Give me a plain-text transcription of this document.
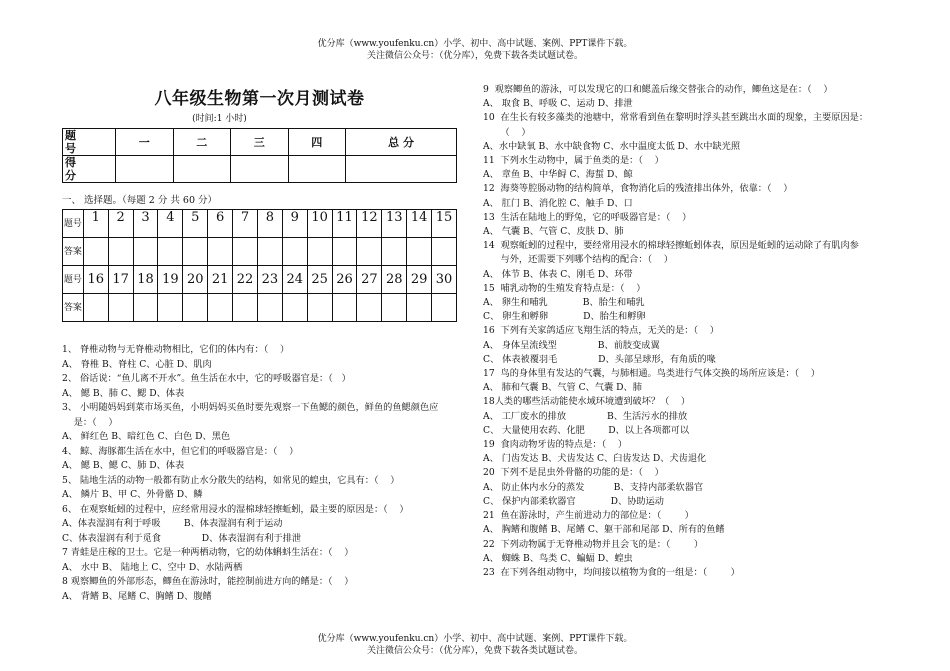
优分库（www.youfenku.cn）小学、初中、高中试题、案例、PPT课件下载。
关注微信公众号：（优分库），免费下载各类试题试卷。
八年级生物第一次月测试卷
(时间:1 小时)
题 号	一	二	三	四	总 分
得 分					
一、 选择题。（每题 2 分 共 60 分）
题号	1	2	3	4	5	6	7	8	9	10	11	12	13	14	15
答案															
题号	16	17	18	19	20	21	22	23	24	25	26	27	28	29	30
答案															
1、 脊椎动物与无脊椎动物相比，它们的体内有：（    ）
A、 脊椎 B、脊柱 C、心脏 D、肌肉
2、 俗话说：“鱼儿离不开水”。鱼生活在水中，它的呼吸器官是：（   ）
A、 鳃 B、肺 C、鳃 D、体表
3、 小明随妈妈到菜市场买鱼，小明妈妈买鱼时要先观察一下鱼鳃的颜色，鲜鱼的鱼鳃颜色应
是：（    ）
A、 鲜红色 B、暗红色 C、白色 D、黑色
4、 鲸、海豚都生活在水中，但它们的呼吸器官是：（    ）
A、 鳃 B、鳃 C、肺 D、体表
5、 陆地生活的动物一般都有防止水分散失的结构，如常见的蝗虫，它具有：（    ）
A、 鳞片 B、甲 C、外骨骼 D、鳞
6、 在观察蚯蚓的过程中，应经常用浸水的湿棉球轻擦蚯蚓，最主要的原因是：（    ）
A、体表湿润有利于呼吸        B、体表湿润有利于运动
C、体表湿润有利于觅食              D、体表湿润有利于排泄
7 青蛙是庄稼的卫士。它是一种两栖动物，它的幼体蝌蚪生活在：（    ）
A、 水中 B、 陆地上 C、空中 D、水陆两栖
8 观察鲫鱼的外部形态，鲫鱼在游泳时，能控制前进方向的鳍是：（    ）
A、 背鳍 B、尾鳍 C、胸鳍 D、腹鳍
9  观察鲫鱼的游泳，可以发现它的口和鳃盖后缘交替张合的动作，鲫鱼这是在：（    ）
A、 取食 B、呼吸 C、运动 D、排泄
10  在生长有较多藻类的池塘中，常常看到鱼在黎明时浮头甚至跳出水面的现象，主要原因是：
（    ）
A、水中缺氧 B、水中缺食物 C、水中温度太低 D、水中缺光照
11  下列水生动物中，属于鱼类的是：（    ）
A、 章鱼 B、中华鲟 C、海蜇 D、鲸
12  海葵等腔肠动物的结构简单，食物消化后的残渣排出体外，依靠：（    ）
A、 肛门 B、消化腔 C、触手 D、口
13  生活在陆地上的野兔，它的呼吸器官是：（    ）
A、 气囊 B、气管 C、皮肤 D、肺
14  观察蚯蚓的过程中，要经常用浸水的棉球轻擦蚯蚓体表，原因是蚯蚓的运动除了有肌肉参
与外，还需要下列哪个结构的配合：（    ）
A、 体节 B、体表 C、刚毛 D、环带
15  哺乳动物的生殖发育特点是：（    ）
A、 卵生和哺乳            B、胎生和哺乳
C、 卵生和孵卵            D、胎生和孵卵
16  下列有关家鸽适应飞翔生活的特点，无关的是：（    ）
A、 身体呈流线型              B、前肢变成翼
C、 体表被覆羽毛              D、头部呈球形，有角质的喙
17  鸟的身体里有发达的气囊，与肺相通。鸟类进行气体交换的场所应该是：（    ）
A、 肺和气囊 B、气管 C、气囊 D、肺
18人类的哪些活动能使水域环境遭到破坏？（    ）
A、 工厂废水的排放              B、生活污水的排放
C、 大量使用农药、化肥        D、以上各项都可以
19  食肉动物牙齿的特点是：（    ）
A、 门齿发达 B、犬齿发达 C、臼齿发达 D、犬齿退化
20  下列不是昆虫外骨骼的功能的是：（    ）
A、 防止体内水分的蒸发          B、支持内部柔软器官
C、 保护内部柔软器官            D、协助运动
21  鱼在游泳时，产生前进动力的部位是：（        ）
A、 胸鳍和腹鳍 B、尾鳍 C、躯干部和尾部 D、所有的鱼鳍
22  下列动物属于无脊椎动物并且会飞的是：（        ）
A、 蜘蛛 B、鸟类 C、蝙蝠 D、蝗虫
23  在下列各组动物中，均间接以植物为食的一组是：（        ）
优分库（www.youfenku.cn）小学、初中、高中试题、案例、PPT课件下载。
关注微信公众号：（优分库），免费下载各类试题试卷。
